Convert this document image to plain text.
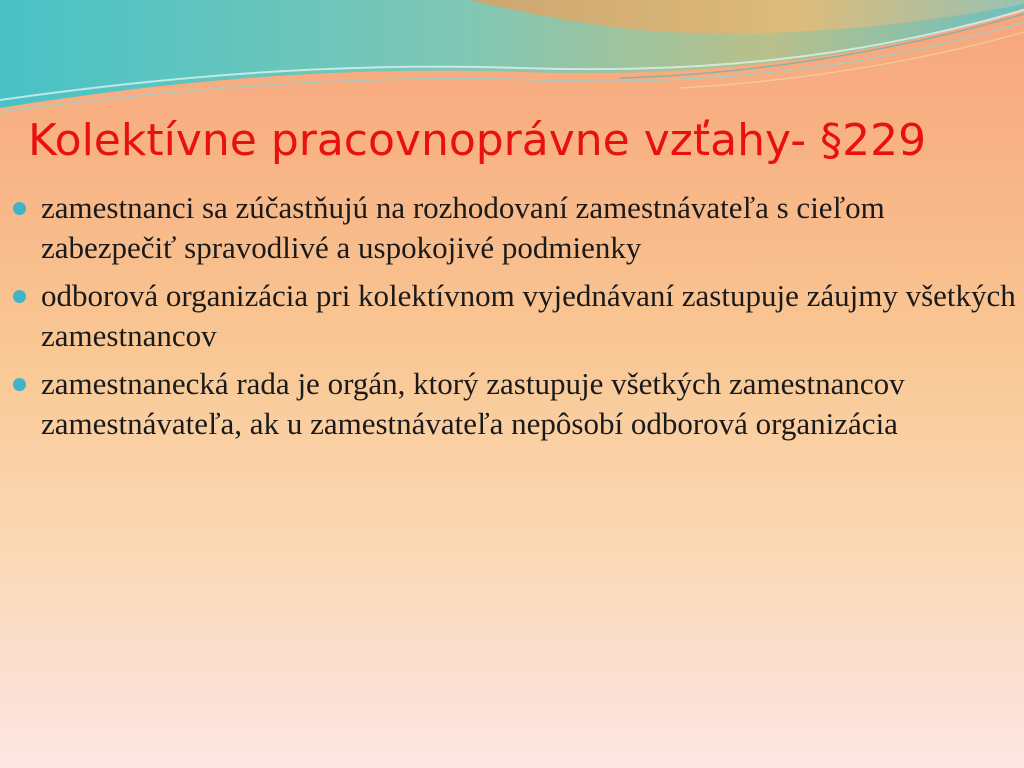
Kolektívne pracovnoprávne vzťahy- §229
zamestnanci sa zúčastňujú na rozhodovaní zamestnávateľa s cieľom zabezpečiť spravodlivé a uspokojivé podmienky
odborová organizácia pri kolektívnom vyjednávaní zastupuje záujmy všetkých zamestnancov
zamestnanecká rada je orgán, ktorý zastupuje všetkých zamestnancov zamestnávateľa, ak u zamestnávateľa nepôsobí odborová organizácia
